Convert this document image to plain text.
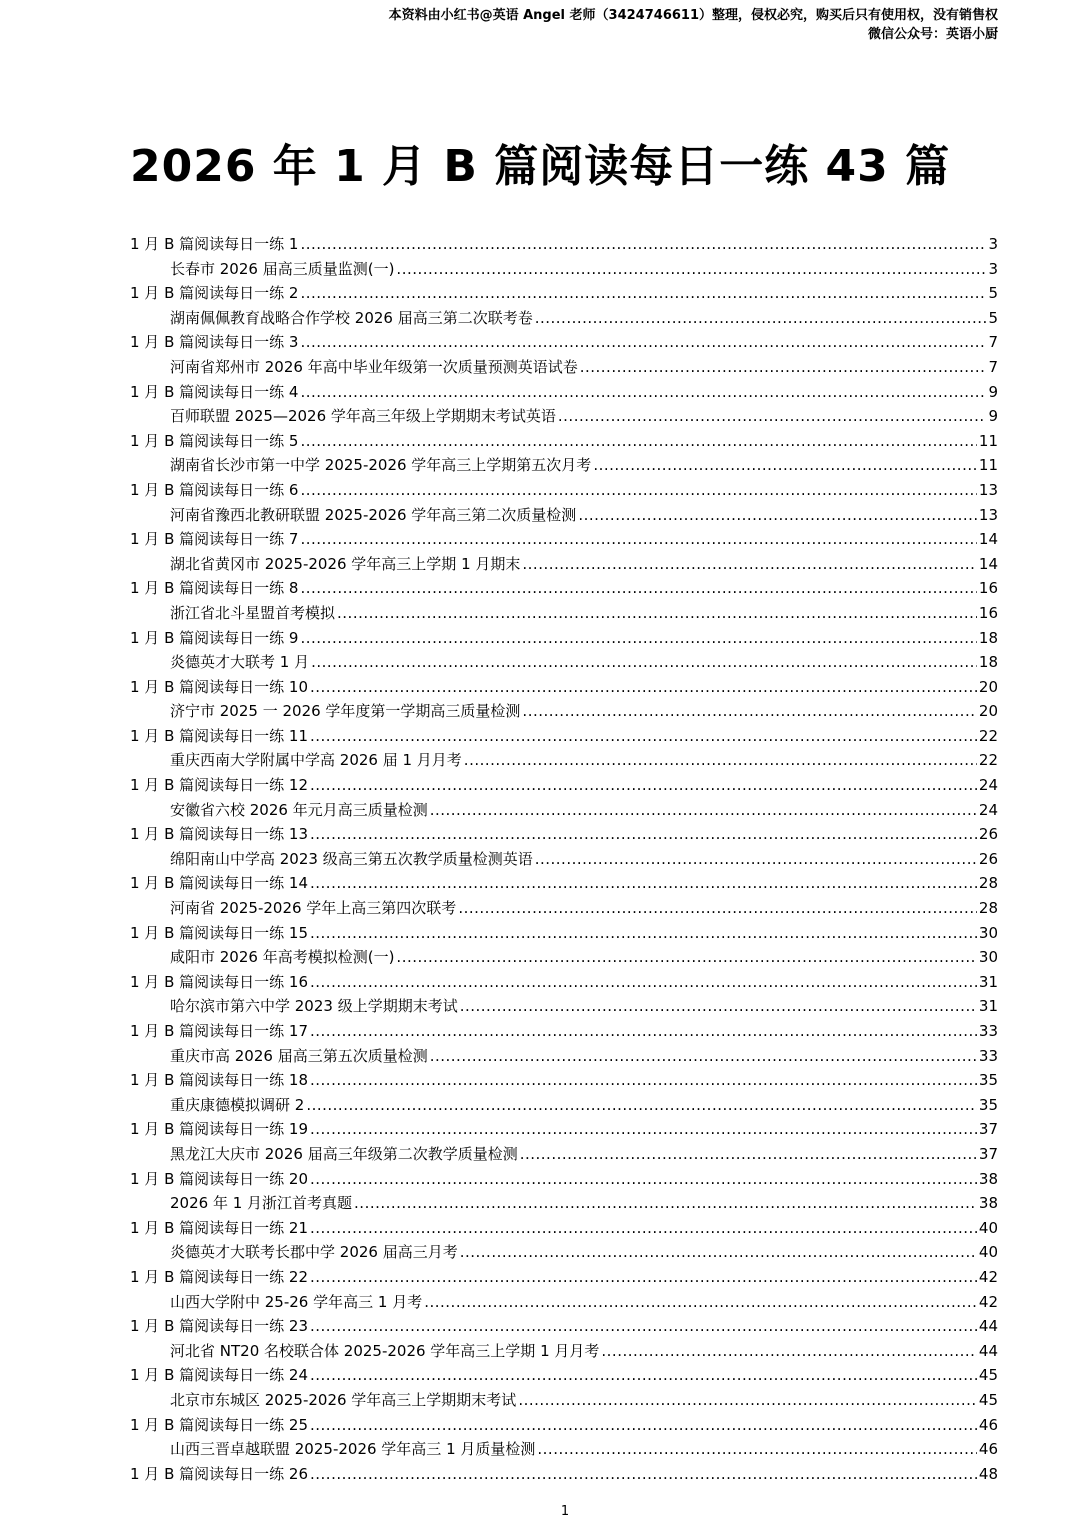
本资料由小红书@英语 Angel 老师（3424746611）整理，侵权必究，购买后只有使用权，没有销售权
微信公众号：英语小厨
2026 年 1 月 B 篇阅读每日一练 43 篇
1 月 B 篇阅读每日一练 1 .....	3
长春市 2026 届高三质量监测(一) .....	3
1 月 B 篇阅读每日一练 2 .....	5
湖南佩佩教育战略合作学校 2026 届高三第二次联考卷 .....	5
1 月 B 篇阅读每日一练 3 .....	7
河南省郑州市 2026 年高中毕业年级第一次质量预测英语试卷 .....	7
1 月 B 篇阅读每日一练 4 .....	9
百师联盟 2025—2026 学年高三年级上学期期末考试英语 .....	9
1 月 B 篇阅读每日一练 5 .....	11
湖南省长沙市第一中学 2025-2026 学年高三上学期第五次月考 .....	11
1 月 B 篇阅读每日一练 6 .....	13
河南省豫西北教研联盟 2025-2026 学年高三第二次质量检测 .....	13
1 月 B 篇阅读每日一练 7 .....	14
湖北省黄冈市 2025-2026 学年高三上学期 1 月期末 .....	14
1 月 B 篇阅读每日一练 8 .....	16
浙江省北斗星盟首考模拟 .....	16
1 月 B 篇阅读每日一练 9 .....	18
炎德英才大联考 1 月 .....	18
1 月 B 篇阅读每日一练 10 .....	20
济宁市 2025 一 2026 学年度第一学期高三质量检测 .....	20
1 月 B 篇阅读每日一练 11 .....	22
重庆西南大学附属中学高 2026 届 1 月月考 .....	22
1 月 B 篇阅读每日一练 12 .....	24
安徽省六校 2026 年元月高三质量检测 .....	24
1 月 B 篇阅读每日一练 13 .....	26
绵阳南山中学高 2023 级高三第五次教学质量检测英语 .....	26
1 月 B 篇阅读每日一练 14 .....	28
河南省 2025-2026 学年上高三第四次联考 .....	28
1 月 B 篇阅读每日一练 15 .....	30
咸阳市 2026 年高考模拟检测(一) .....	30
1 月 B 篇阅读每日一练 16 .....	31
哈尔滨市第六中学 2023 级上学期期末考试 .....	31
1 月 B 篇阅读每日一练 17 .....	33
重庆市高 2026 届高三第五次质量检测 .....	33
1 月 B 篇阅读每日一练 18 .....	35
重庆康德模拟调研 2 .....	35
1 月 B 篇阅读每日一练 19 .....	37
黑龙江大庆市 2026 届高三年级第二次教学质量检测 .....	37
1 月 B 篇阅读每日一练 20 .....	38
2026 年 1 月浙江首考真题 .....	38
1 月 B 篇阅读每日一练 21 .....	40
炎德英才大联考长郡中学 2026 届高三月考 .....	40
1 月 B 篇阅读每日一练 22 .....	42
山西大学附中 25-26 学年高三 1 月考 .....	42
1 月 B 篇阅读每日一练 23 .....	44
河北省 NT20 名校联合体 2025-2026 学年高三上学期 1 月月考 .....	44
1 月 B 篇阅读每日一练 24 .....	45
北京市东城区 2025-2026 学年高三上学期期末考试 .....	45
1 月 B 篇阅读每日一练 25 .....	46
山西三晋卓越联盟 2025-2026 学年高三 1 月质量检测 .....	46
1 月 B 篇阅读每日一练 26 .....	48
1
